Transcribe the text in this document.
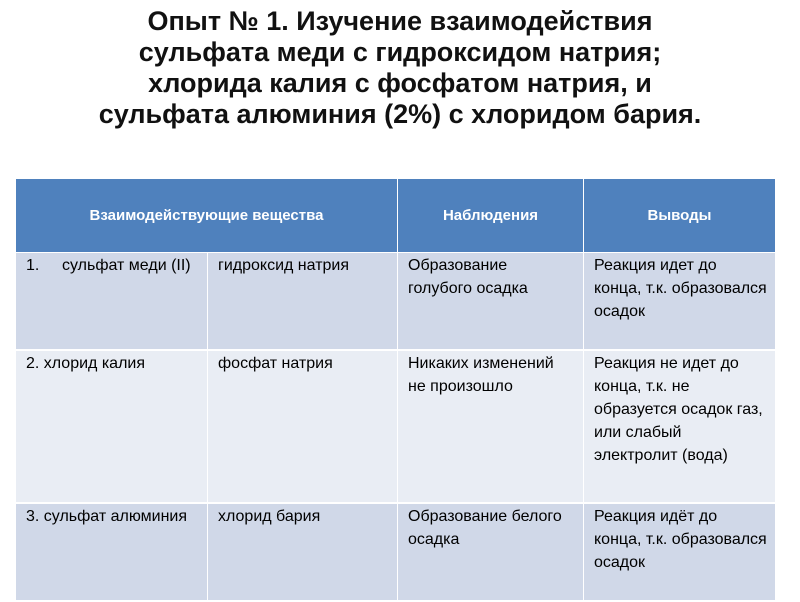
Опыт № 1. Изучение взаимодействия
сульфата меди с гидроксидом натрия;
хлорида калия с фосфатом натрия, и
сульфата алюминия (2%) с хлоридом бария.
Взаимодействующие вещества		Наблюдения	Выводы
1. сульфат меди (II)	гидроксид натрия	Образование голубого осадка	Реакция идет до конца, т.к. образовался осадок
2. хлорид калия	фосфат натрия	Никаких изменений не произошло	Реакция не идет до конца, т.к. не образуется осадок газ, или слабый электролит (вода)
3. сульфат алюминия	хлорид бария	Образование белого осадка	Реакция идёт до конца, т.к. образовался осадок
